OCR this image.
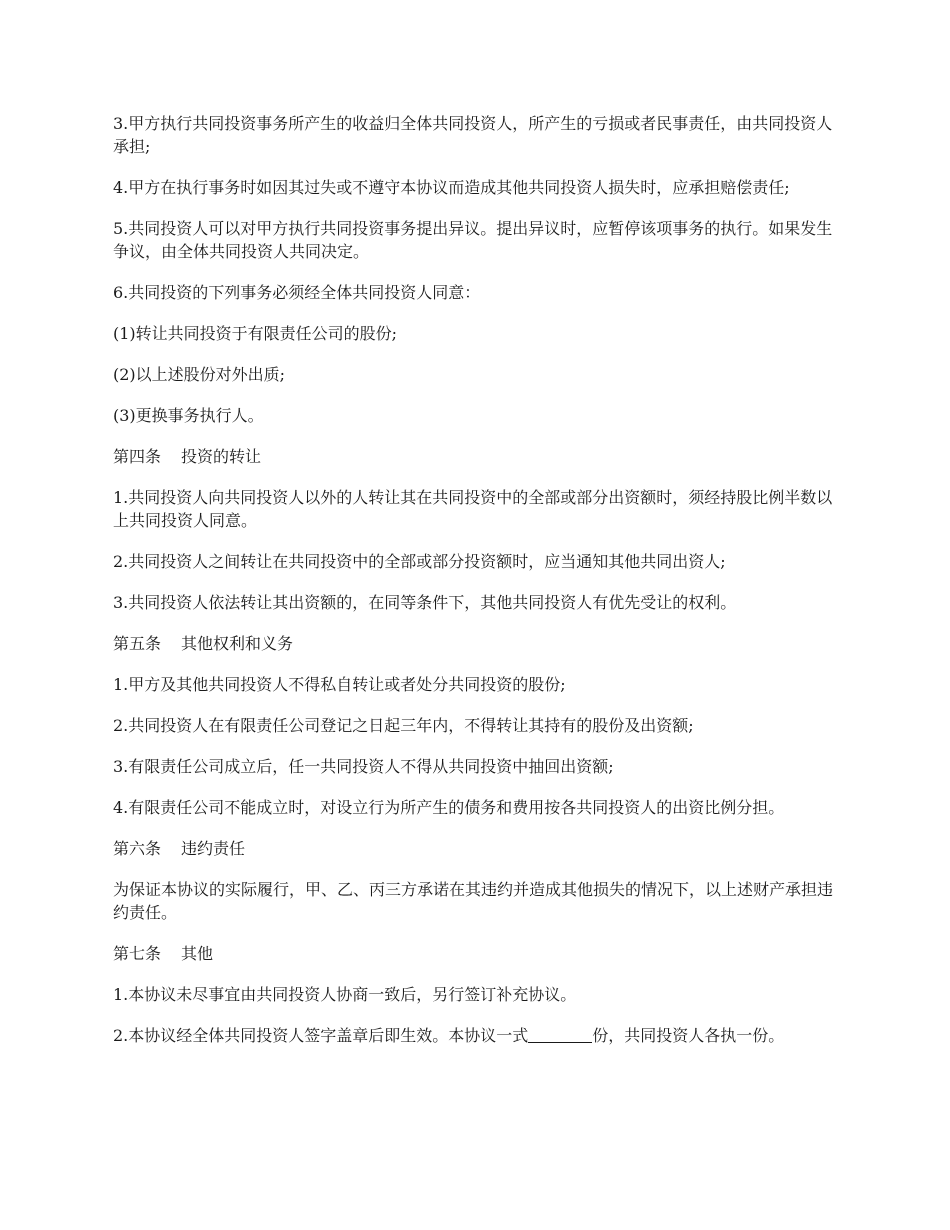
3.甲方执行共同投资事务所产生的收益归全体共同投资人，所产生的亏损或者民事责任，由共同投资人承担;

4.甲方在执行事务时如因其过失或不遵守本协议而造成其他共同投资人损失时，应承担赔偿责任;

5.共同投资人可以对甲方执行共同投资事务提出异议。提出异议时，应暂停该项事务的执行。如果发生争议，由全体共同投资人共同决定。

6.共同投资的下列事务必须经全体共同投资人同意：

(1)转让共同投资于有限责任公司的股份;

(2)以上述股份对外出质;

(3)更换事务执行人。

第四条 投资的转让

1.共同投资人向共同投资人以外的人转让其在共同投资中的全部或部分出资额时，须经持股比例半数以上共同投资人同意。

2.共同投资人之间转让在共同投资中的全部或部分投资额时，应当通知其他共同出资人;

3.共同投资人依法转让其出资额的，在同等条件下，其他共同投资人有优先受让的权利。

第五条 其他权利和义务

1.甲方及其他共同投资人不得私自转让或者处分共同投资的股份;

2.共同投资人在有限责任公司登记之日起三年内，不得转让其持有的股份及出资额;

3.有限责任公司成立后，任一共同投资人不得从共同投资中抽回出资额;

4.有限责任公司不能成立时，对设立行为所产生的债务和费用按各共同投资人的出资比例分担。

第六条 违约责任

为保证本协议的实际履行，甲、乙、丙三方承诺在其违约并造成其他损失的情况下，以上述财产承担违约责任。

第七条 其他

1.本协议未尽事宜由共同投资人协商一致后，另行签订补充协议。

2.本协议经全体共同投资人签字盖章后即生效。本协议一式	份，共同投资人各执一份。
